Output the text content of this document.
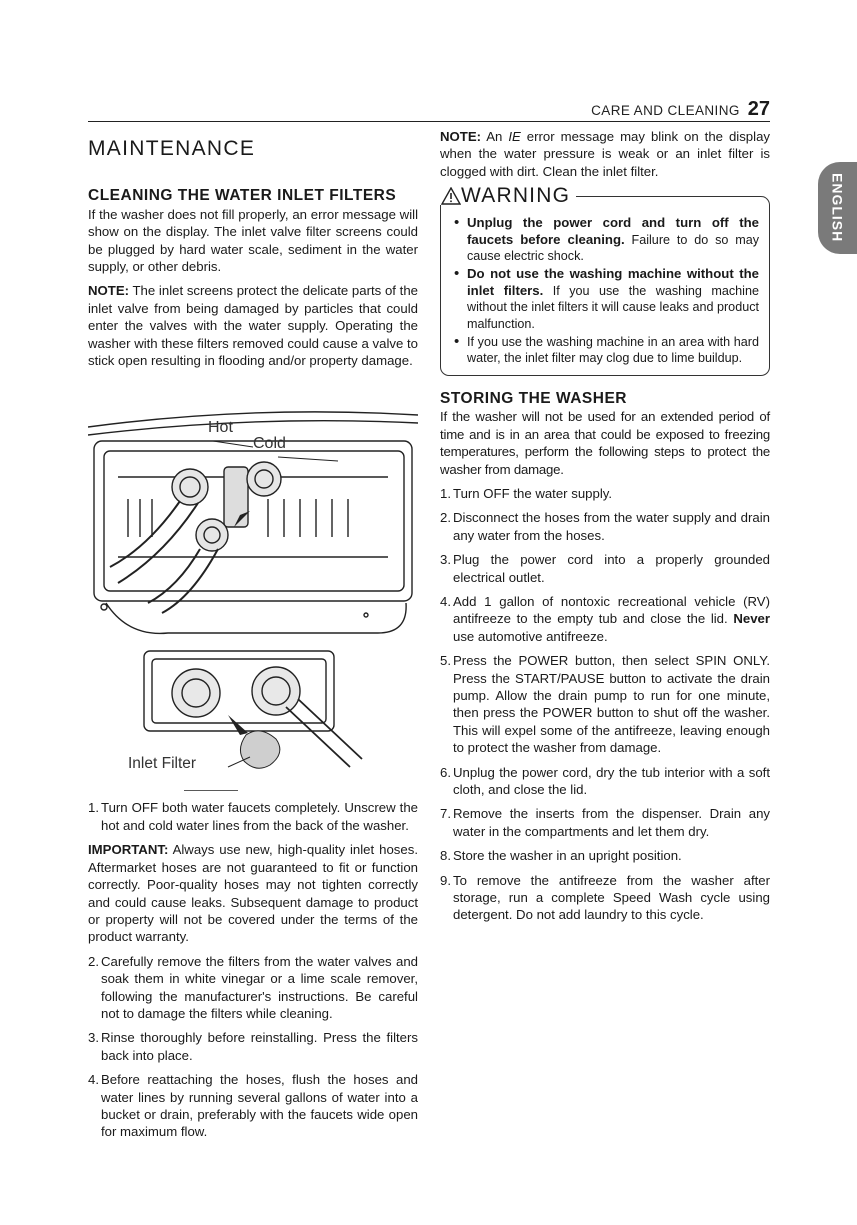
CARE AND CLEANING 27
ENGLISH
MAINTENANCE
CLEANING THE WATER INLET FILTERS

If the washer does not fill properly, an error message will show on the display. The inlet valve filter screens could be plugged by hard water scale, sediment in the water supply, or other debris.

NOTE: The inlet screens protect the delicate parts of the inlet valve from being damaged by particles that could enter the valves with the water supply. Operating the washer with these filters removed could cause a valve to stick open resulting in flooding and/or property damage.

Hot
Cold
Inlet Filter
1. Turn OFF both water faucets completely. Unscrew the hot and cold water lines from the back of the washer.

IMPORTANT: Always use new, high-quality inlet hoses. Aftermarket hoses are not guaranteed to fit or function correctly. Poor-quality hoses may not tighten correctly and could cause leaks. Subsequent damage to product or property will not be covered under the terms of the product warranty.

2. Carefully remove the filters from the water valves and soak them in white vinegar or a lime scale remover, following the manufacturer's instructions. Be careful not to damage the filters while cleaning.
3. Rinse thoroughly before reinstalling. Press the filters back into place.
4. Before reattaching the hoses, flush the hoses and water lines by running several gallons of water into a bucket or drain, preferably with the faucets wide open for maximum flow.

NOTE: An IE error message may blink on the display when the water pressure is weak or an inlet filter is clogged with dirt. Clean the inlet filter.

WARNING
• Unplug the power cord and turn off the faucets before cleaning. Failure to do so may cause electric shock.
• Do not use the washing machine without the inlet filters. If you use the washing machine without the inlet filters it will cause leaks and product malfunction.
• If you use the washing machine in an area with hard water, the inlet filter may clog due to lime buildup.
STORING THE WASHER

If the washer will not be used for an extended period of time and is in an area that could be exposed to freezing temperatures, perform the following steps to protect the washer from damage.

1. Turn OFF the water supply.
2. Disconnect the hoses from the water supply and drain any water from the hoses.
3. Plug the power cord into a properly grounded electrical outlet.
4. Add 1 gallon of nontoxic recreational vehicle (RV) antifreeze to the empty tub and close the lid. Never use automotive antifreeze.
5. Press the POWER button, then select SPIN ONLY. Press the START/PAUSE button to activate the drain pump. Allow the drain pump to run for one minute, then press the POWER button to shut off the washer. This will expel some of the antifreeze, leaving enough to protect the washer from damage.
6. Unplug the power cord, dry the tub interior with a soft cloth, and close the lid.
7. Remove the inserts from the dispenser. Drain any water in the compartments and let them dry.
8. Store the washer in an upright position.
9. To remove the antifreeze from the washer after storage, run a complete Speed Wash cycle using detergent. Do not add laundry to this cycle.
